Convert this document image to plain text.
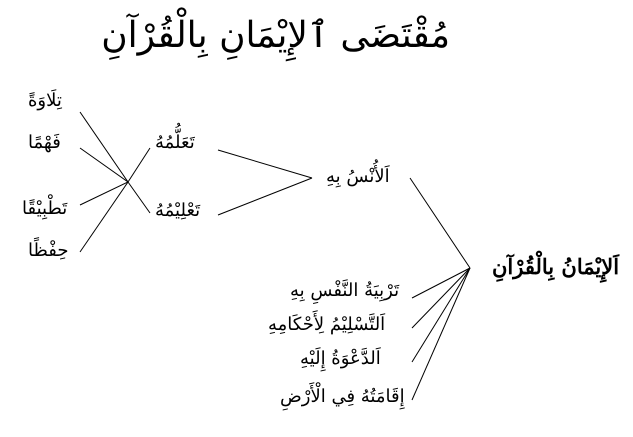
مُقْتَضَى ٱلإِيْمَانِ بِالْقُرْآنِ
اَلإِيْمَانُ بِالْقُرْآنِ
اَلأُنْسُ بِهِ
تَعَلُّمُهُ
تَعْلِيْمُهُ
تِلَاوَةً
فَهْمًا
تَطْبِيْقًا
حِفْظًا
تَرْبِيَةُ النَّفْسِ بِهِ
اَلتَّسْلِيْمُ لِأَحْكَامِهِ
اَلدَّعْوَةُ إِلَيْهِ
إِقَامَتُهُ فِي الْأَرْضِ
